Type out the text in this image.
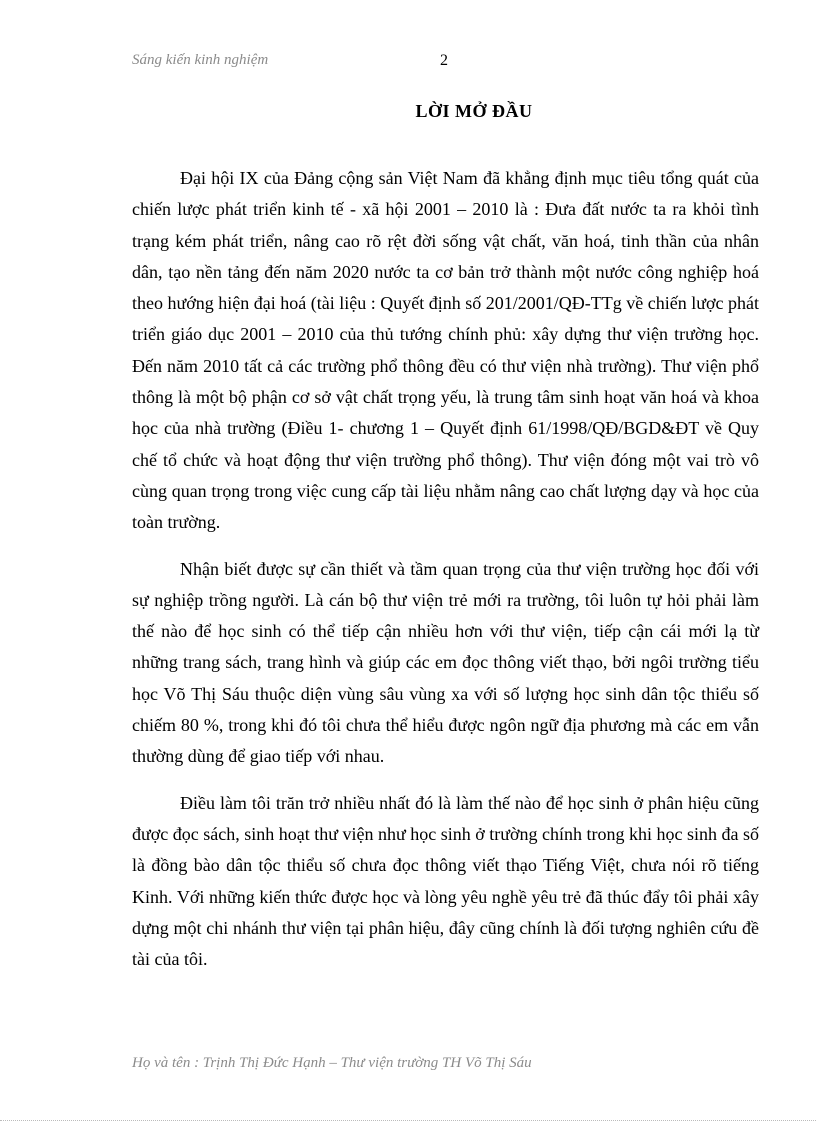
Sáng kiến kinh nghiệm	2
LỜI MỞ ĐẦU

Đại hội IX của Đảng cộng sản Việt Nam đã khẳng định mục tiêu tổng quát của chiến lược phát triển kinh tế - xã hội 2001 – 2010 là : Đưa đất nước ta ra khỏi tình trạng kém phát triển, nâng cao rõ rệt đời sống vật chất, văn hoá, tinh thần của nhân dân, tạo nền tảng đến năm 2020 nước ta cơ bản trở thành một nước công nghiệp hoá theo hướng hiện đại hoá (tài liệu : Quyết định số 201/2001/QĐ-TTg về chiến lược phát triển giáo dục 2001 – 2010 của thủ tướng chính phủ: xây dựng thư viện trường học. Đến năm 2010 tất cả các trường phổ thông đều có thư viện nhà trường). Thư viện phổ thông là một bộ phận cơ sở vật chất trọng yếu, là trung tâm sinh hoạt văn hoá và khoa học của nhà trường (Điều 1- chương 1 – Quyết định 61/1998/QĐ/BGD&ĐT về Quy chế tổ chức và hoạt động thư viện trường phổ thông). Thư viện đóng một vai trò vô cùng quan trọng trong việc cung cấp tài liệu nhằm nâng cao chất lượng dạy và học của toàn trường.

Nhận biết được sự cần thiết và tầm quan trọng của thư viện trường học đối với sự nghiệp trồng người. Là cán bộ thư viện trẻ mới ra trường, tôi luôn tự hỏi phải làm thế nào để học sinh có thể tiếp cận nhiều hơn với thư viện, tiếp cận cái mới lạ từ những trang sách, trang hình và giúp các em đọc thông viết thạo, bởi ngôi trường tiểu học Võ Thị Sáu thuộc diện vùng sâu vùng xa với số lượng học sinh dân tộc thiểu số chiếm 80 %, trong khi đó tôi chưa thể hiểu được ngôn ngữ địa phương mà các em vẫn thường dùng để giao tiếp với nhau.

Điều làm tôi trăn trở nhiều nhất đó là làm thế nào để học sinh ở phân hiệu cũng được đọc sách, sinh hoạt thư viện như học sinh ở trường chính trong khi học sinh đa số là đồng bào dân tộc thiểu số chưa đọc thông viết thạo Tiếng Việt, chưa nói rõ tiếng Kinh. Với những kiến thức được học và lòng yêu nghề yêu trẻ đã thúc đẩy tôi phải xây dựng một chi nhánh thư viện tại phân hiệu, đây cũng chính là đối tượng nghiên cứu đề tài của tôi.

Họ và tên : Trịnh Thị Đức Hạnh – Thư viện trường TH Võ Thị Sáu
